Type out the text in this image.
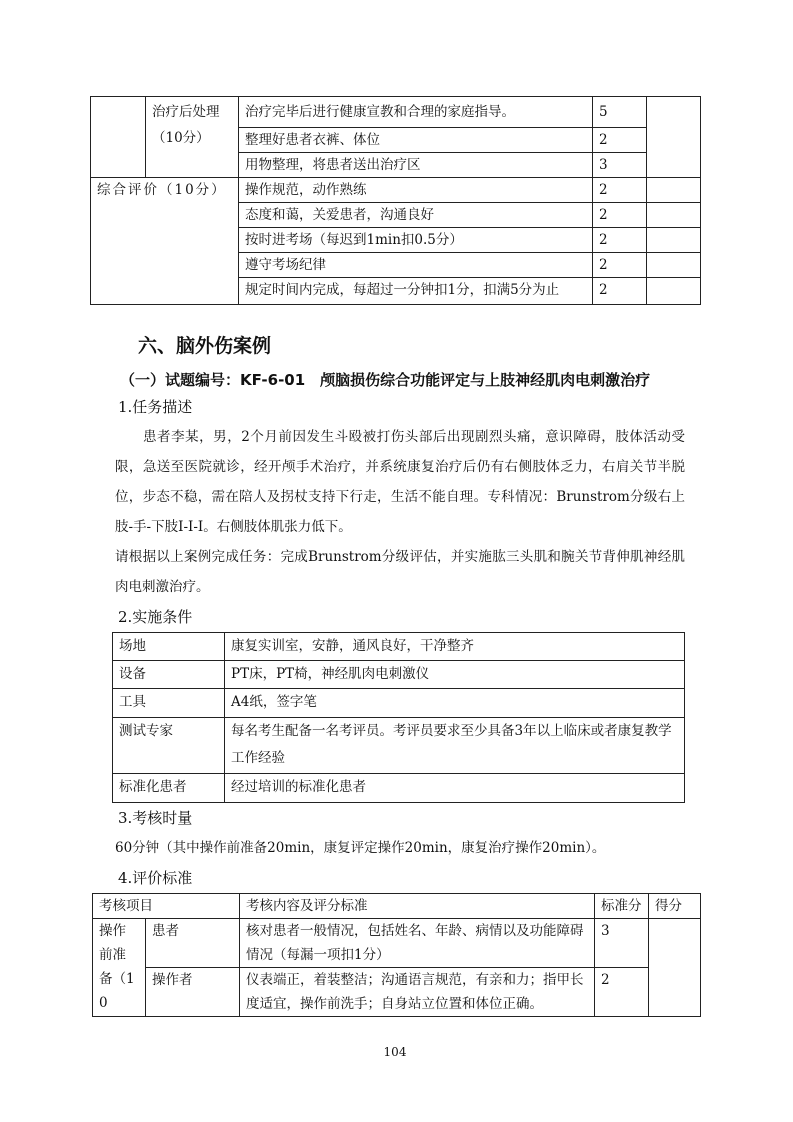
	治疗后处理（10分）	治疗完毕后进行健康宣教和合理的家庭指导。	5	
		整理好患者衣裤、体位	2	
		用物整理，将患者送出治疗区	3	
综合评价（10分）		操作规范，动作熟练	2	
		态度和蔼，关爱患者，沟通良好	2	
		按时进考场（每迟到1min扣0.5分）	2	
		遵守考场纪律	2	
		规定时间内完成，每超过一分钟扣1分，扣满5分为止	2	
六、脑外伤案例
（一）试题编号：KF-6-01　颅脑损伤综合功能评定与上肢神经肌肉电刺激治疗
1.任务描述
患者李某，男，2个月前因发生斗殴被打伤头部后出现剧烈头痛，意识障碍，肢体活动受限，急送至医院就诊，经开颅手术治疗，并系统康复治疗后仍有右侧肢体乏力，右肩关节半脱位，步态不稳，需在陪人及拐杖支持下行走，生活不能自理。专科情况：Brunstrom分级右上肢-手-下肢Ⅰ-Ⅰ-Ⅰ。右侧肢体肌张力低下。
请根据以上案例完成任务：完成Brunstrom分级评估，并实施肱三头肌和腕关节背伸肌神经肌肉电刺激治疗。
2.实施条件
场地	康复实训室，安静，通风良好，干净整齐
设备	PT床，PT椅，神经肌肉电刺激仪
工具	A4纸，签字笔
测试专家	每名考生配备一名考评员。考评员要求至少具备3年以上临床或者康复教学工作经验
标准化患者	经过培训的标准化患者
3.考核时量
60分钟（其中操作前准备20min，康复评定操作20min，康复治疗操作20min）。
4.评价标准
考核项目		考核内容及评分标准	标准分	得分
操作前准备（10	患者	核对患者一般情况，包括姓名、年龄、病情以及功能障碍情况（每漏一项扣1分）	3	
	操作者	仪表端正，着装整洁；沟通语言规范，有亲和力；指甲长度适宜，操作前洗手；自身站立位置和体位正确。	2	
104
